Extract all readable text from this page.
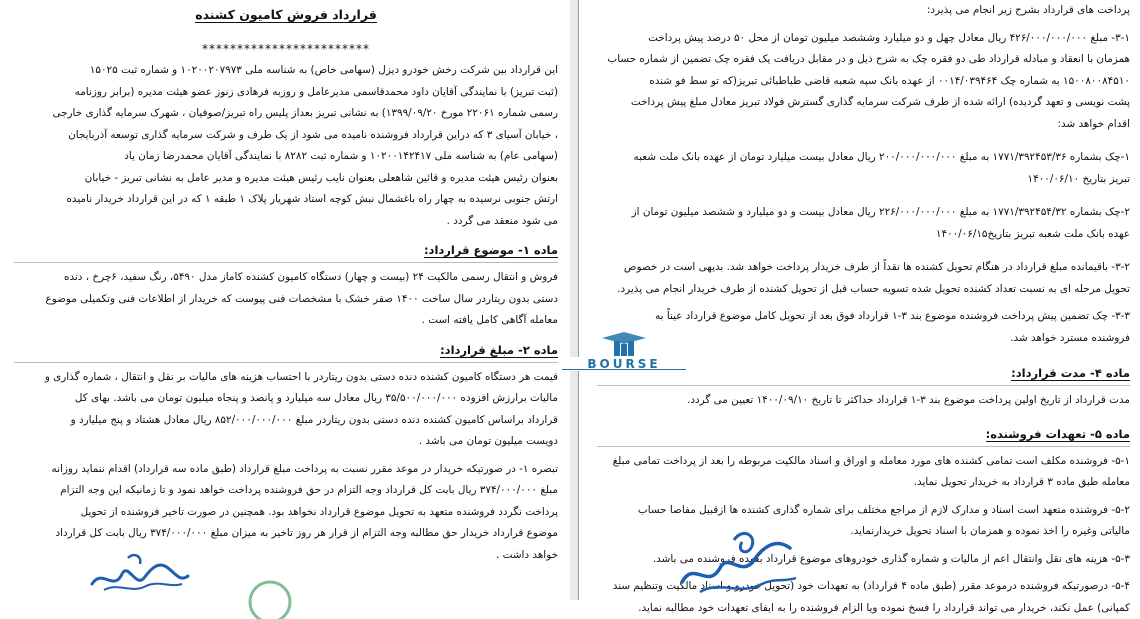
قرارداد فروش کامیون کشنده
************************

این قرارداد بین شرکت رخش خودرو دیزل (سهامی خاص) به شناسه ملی ۱۰۲۰۰۲۰۷۹۷۳ و شماره ثبت ۱۵۰۲۵

(ثبت تبریز) با نمایندگی آقایان داود محمدقاسمی مدیرعامل و روزبه فرهادی زنوز عضو هیئت مدیره (برابر روزنامه

رسمی شماره ۲۲۰۶۱ مورخ ۱۳۹۹/۰۹/۲۰) به نشانی تبریز بعداز پلیس راه تبریز/صوفیان ، شهرک سرمایه گذاری خارجی

، خیابان آسیای ۳ که دراین قرارداد فروشنده نامیده می شود از یک طرف و شرکت سرمایه گذاری توسعه آذربایجان

(سهامی عام) به شناسه ملی ۱۰۲۰۰۱۴۲۴۱۷ و شماره ثبت ۸۲۸۲ با نمایندگی آقایان محمدرضا زمان یاد

بعنوان رئیس هیئت مدیره و قائین شاهعلی بعنوان نایب رئیس هیئت مدیره و مدیر عامل به نشانی تبریز - خیابان

ارتش جنوبی نرسیده به چهار راه باغشمال نبش کوچه استاد شهریار پلاک ۱ طبقه ۱ که در این قرارداد خریدار نامیده

می شود منعقد می گردد .

ماده ۱- موضوع قرارداد:

فروش و انتقال رسمی مالکیت ۲۴ (بیست و چهار) دستگاه کامیون کشنده کاماز مدل ۵۴۹۰، رنگ سفید، ۶چرخ ، دنده

دستی بدون ریتاردر سال ساخت ۱۴۰۰ صفر خشک با مشخصات فنی پیوست که خریدار از اطلاعات فنی وتکمیلی موضوع

معامله آگاهی کامل یافته است .

ماده ۲- مبلغ قرارداد:

قیمت هر دستگاه کامیون کشنده دنده دستی بدون ریتاردر با احتساب هزینه های مالیات بر نقل و انتقال ، شماره گذاری و

مالیات برارزش افزوده ۳۵/۵۰۰/۰۰۰/۰۰۰ ریال معادل سه میلیارد و پانصد و پنجاه میلیون تومان می باشد. بهای کل

قرارداد براساس کامیون کشنده دنده دستی بدون ریتاردر مبلغ ۸۵۲/۰۰۰/۰۰۰/۰۰۰ ریال معادل هشتاد و پنج میلیارد و

دویست میلیون تومان می باشد .

تبصره ۱- در صورتیکه خریدار در موعد مقرر نسبت به پرداخت مبلغ قرارداد (طبق ماده سه قرارداد) اقدام ننماید روزانه

مبلغ ۳۷۴/۰۰۰/۰۰۰ ریال بابت کل قرارداد وجه التزام در حق فروشنده پرداخت خواهد نمود و تا زمانیکه این وجه التزام

پرداخت نگردد فروشنده متعهد به تحویل موضوع قرارداد نخواهد بود. همچنین در صورت تاخیر فروشنده از تحویل

موضوع قرارداد خریدار حق مطالبه وجه التزام از قرار هر روز تاخیر به میزان مبلغ ۳۷۴/۰۰۰/۰۰۰ ریال بابت کل قرارداد

خواهد داشت .

پرداخت های قرارداد بشرح زیر انجام می پذیرد:

۳-۱- مبلغ ۴۲۶/۰۰۰/۰۰۰/۰۰۰ ریال معادل چهل و دو میلیارد وششصد میلیون تومان از محل ۵۰ درصد پیش پرداخت

همزمان با انعقاد و مبادله قرارداد طی دو فقره چک به شرح ذیل و در مقابل دریافت یک فقره چک تضمین از شماره حساب

۱۵۰۰۸۰۰۸۴۵۱۰ به شماره چک ۰۰۱۴/۰۳۹۴۶۴ از عهده بانک سپه شعبه قاضی طباطبائی تبریز(که تو سط فو شنده

پشت نویسی و تعهد گردیده) ارائه شده از طرف شرکت سرمایه گذاری گسترش فولاد تبریز معادل مبلغ پیش پرداخت

اقدام خواهد شد:

۱-چک بشماره ۱۷۷۱/۳۹۲۴۵۳/۳۶ به مبلغ ۲۰۰/۰۰۰/۰۰۰/۰۰۰ ریال معادل بیست میلیارد تومان از عهده بانک ملت شعبه

تبریز بتاریخ ۱۴۰۰/۰۶/۱۰

۲-چک بشماره ۱۷۷۱/۳۹۲۴۵۴/۳۲ به مبلغ ۲۲۶/۰۰۰/۰۰۰/۰۰۰ ریال معادل بیست و دو میلیارد و ششصد میلیون تومان از

عهده بانک ملت شعبه تبریز بتاریخ۱۴۰۰/۰۶/۱۵

۳-۲- باقیمانده مبلغ قرارداد در هنگام تحویل کشنده ها نقداً از طرف خریدار پرداخت خواهد شد. بدیهی است در خصوص

تحویل مرحله ای به نسبت تعداد کشنده تحویل شده تسویه حساب قبل از تحویل کشنده از طرف خریدار انجام می پذیرد.

۳-۳- چک تضمین پیش پرداخت فروشنده موضوع بند ۳-۱ قرارداد فوق بعد از تحویل کامل موضوع قرارداد عیناً به

فروشنده مسترد خواهد شد.

ماده ۴- مدت قرارداد:

مدت قرارداد از تاریخ اولین پرداخت موضوع بند ۳-۱ قرارداد حداکثر تا تاریخ ۱۴۰۰/۰۹/۱۰ تعیین می گردد.

ماده ۵- تعهدات فروشنده:

۵-۱- فروشنده مکلف است تمامی کشنده های مورد معامله و اوراق و اسناد مالکیت مربوطه را بعد از پرداخت تمامی مبلغ

معامله طبق ماده ۳ قرارداد به خریدار تحویل نماید.

۵-۲- فروشنده متعهد است اسناد و مدارک لازم از مراجع مختلف برای شماره گذاری کشنده ها ازقبیل مفاصا حساب

مالیاتی وغیره را اخذ نموده و همزمان با اسناد تحویل خریدارنماید.

۵-۳- هزینه های نقل وانتقال اعم از مالیات و شماره گذاری خودروهای موضوع قرارداد بعهده فروشنده می باشد.

۵-۴- درصورتیکه فروشنده درموعد مقرر (طبق ماده ۴ قرارداد) به تعهدات خود (تحویل خودرو و اسناد مالکیت وتنظیم سند

کمپانی) عمل نکند، خریدار می تواند قرارداد را فسخ نموده ویا الزام فروشنده را به ایفای تعهدات خود مطالبه نماید.

BOURSE
